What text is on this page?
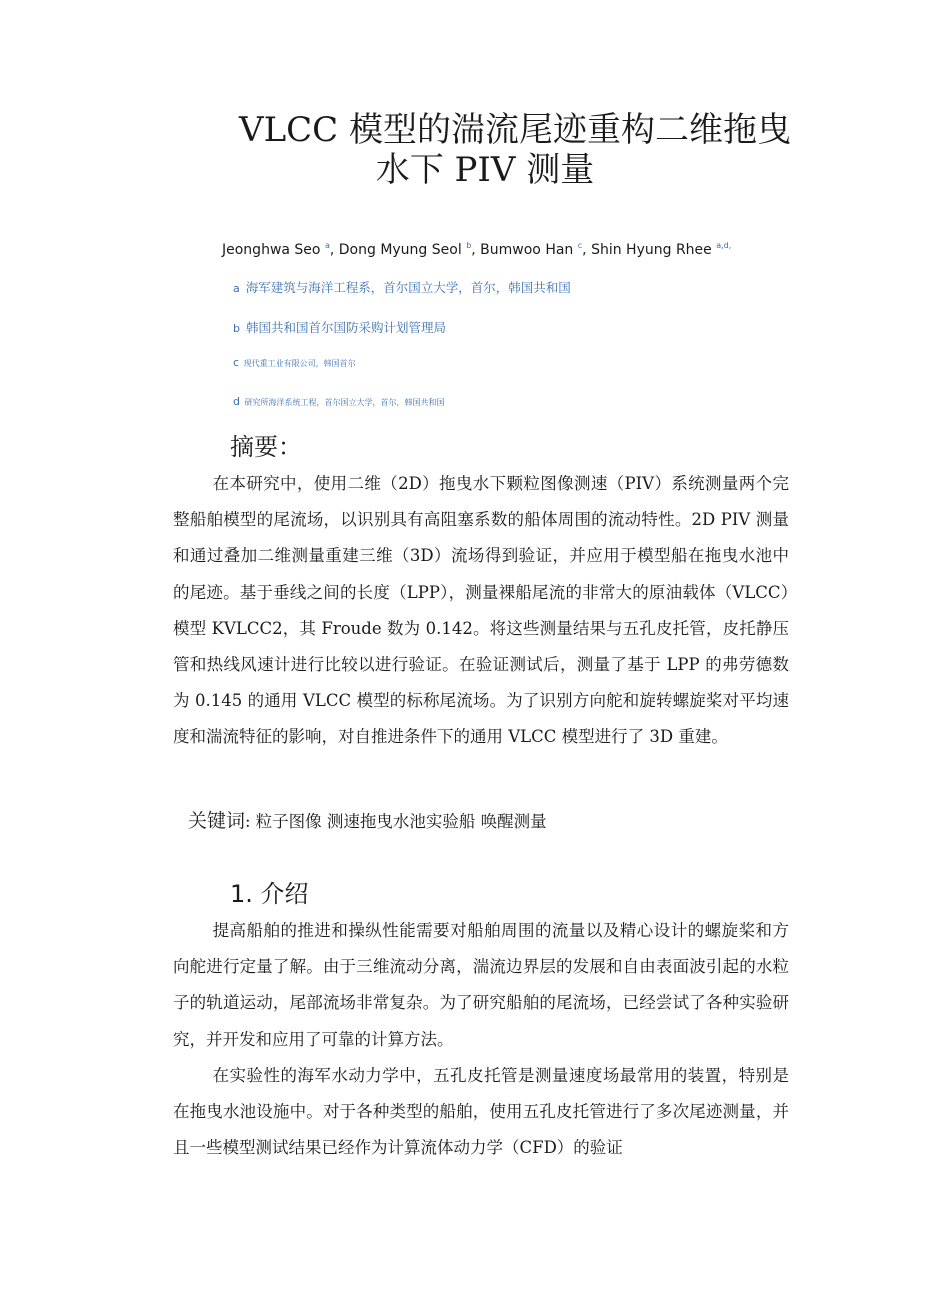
VLCC 模型的湍流尾迹重构二维拖曳
水下 PIV 测量
Jeonghwa Seo $^a$, Dong Myung Seol $^b$, Bumwoo Han $^c$, Shin Hyung Rhee $^{a,d,}$
a 海军建筑与海洋工程系，首尔国立大学，首尔，韩国共和国
b 韩国共和国首尔国防采购计划管理局
c 现代重工业有限公司，韩国首尔
d 研究所海洋系统工程，首尔国立大学，首尔，韩国共和国
摘要：

在本研究中，使用二维（2D）拖曳水下颗粒图像测速（PIV）系统测量两个完整船舶模型的尾流场，以识别具有高阻塞系数的船体周围的流动特性。2D PIV 测量和通过叠加二维测量重建三维（3D）流场得到验证，并应用于模型船在拖曳水池中的尾迹。基于垂线之间的长度（LPP），测量裸船尾流的非常大的原油载体（VLCC）模型 KVLCC2，其 Froude 数为 0.142。将这些测量结果与五孔皮托管，皮托静压管和热线风速计进行比较以进行验证。在验证测试后，测量了基于 LPP 的弗劳德数为 0.145 的通用 VLCC 模型的标称尾流场。为了识别方向舵和旋转螺旋桨对平均速度和湍流特征的影响，对自推进条件下的通用 VLCC 模型进行了 3D 重建。

关键词: 粒子图像 测速拖曳水池实验船 唤醒测量
1. 介绍

提高船舶的推进和操纵性能需要对船舶周围的流量以及精心设计的螺旋桨和方向舵进行定量了解。由于三维流动分离，湍流边界层的发展和自由表面波引起的水粒子的轨道运动，尾部流场非常复杂。为了研究船舶的尾流场，已经尝试了各种实验研究，并开发和应用了可靠的计算方法。

在实验性的海军水动力学中，五孔皮托管是测量速度场最常用的装置，特别是在拖曳水池设施中。对于各种类型的船舶，使用五孔皮托管进行了多次尾迹测量，并且一些模型测试结果已经作为计算流体动力学（CFD）的验证
